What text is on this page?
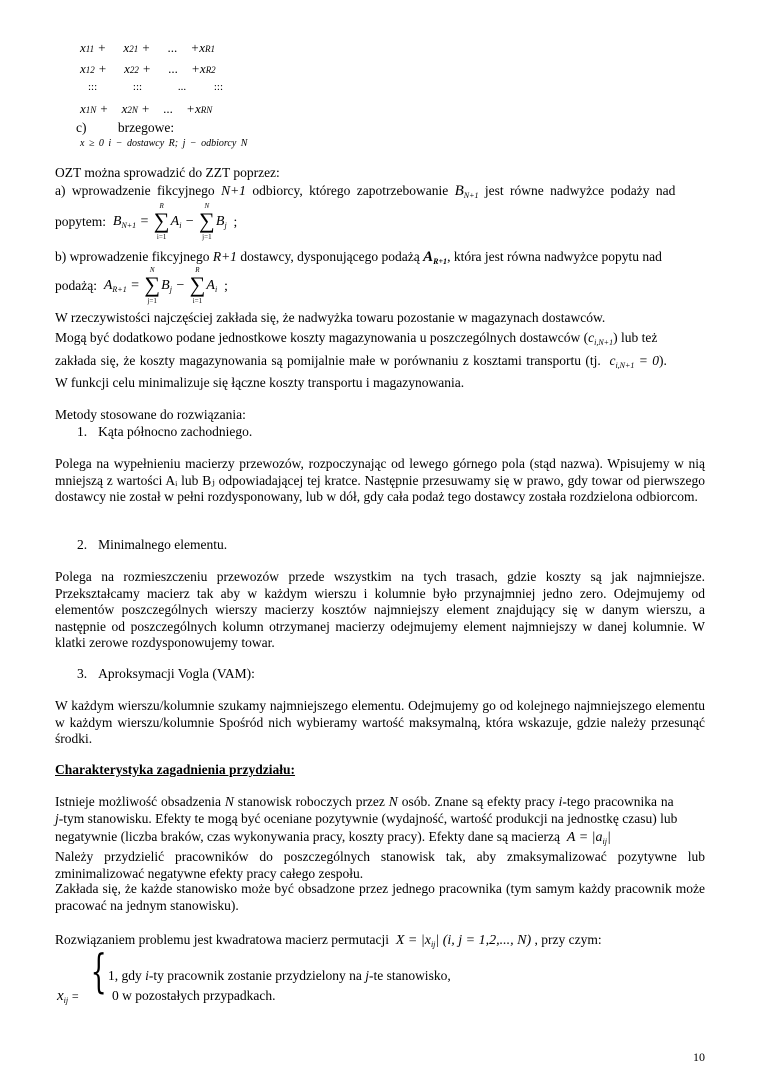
x11 + x21 + ... +xR1
x12 + x22 + ... +xR2
:::	:::	...	:::
x1N + x2N + ... +xRN
c) brzegowe:
x ≥ 0 i − dostawcy R; j − odbiorcy N
OZT można sprowadzić do ZZT poprzez:
a) wprowadzenie fikcyjnego N+1 odbiorcy, którego zapotrzebowanie $B_{N+1}$ jest równe nadwyżce podaży nad
popytem:  $B_{N+1}$ =
R
∑
i=1
$A_i$ −
N
∑
j=1
$B_j$  ;
b) wprowadzenie fikcyjnego R+1 dostawcy, dysponującego podażą $A_{R+1}$, która jest równa nadwyżce popytu nad
podażą:  $A_{R+1}$ =
N
∑
j=1
$B_j$ −
R
∑
i=1
$A_i$  ;
W rzeczywistości najczęściej zakłada się, że nadwyżka towaru pozostanie w magazynach dostawców.
Mogą być dodatkowo podane jednostkowe koszty magazynowania u poszczególnych dostawców $(c_{i,N+1})$ lub też
zakłada się, że koszty magazynowania są pomijalnie małe w porównaniu z kosztami transportu (tj. $c_{i,N+1} = 0$).
W funkcji celu minimalizuje się łączne koszty transportu i magazynowania.
Metody stosowane do rozwiązania:
1. Kąta północno zachodniego.
Polega na wypełnieniu macierzy przewozów, rozpoczynając od lewego górnego pola (stąd nazwa). Wpisujemy w nią mniejszą z wartości Aᵢ lub Bⱼ odpowiadającej tej kratce. Następnie przesuwamy się w prawo, gdy towar od pierwszego dostawcy nie został w pełni rozdysponowany, lub w dół, gdy cała podaż tego dostawcy została rozdzielona odbiorcom.
2. Minimalnego elementu.
Polega na rozmieszczeniu przewozów przede wszystkim na tych trasach, gdzie koszty są jak najmniejsze. Przekształcamy macierz tak aby w każdym wierszu i kolumnie było przynajmniej jedno zero. Odejmujemy od elementów poszczególnych wierszy macierzy kosztów najmniejszy element znajdujący się w danym wierszu, a następnie od poszczególnych kolumn otrzymanej macierzy odejmujemy element najmniejszy w danej kolumnie. W klatki zerowe rozdysponowujemy towar.
3. Aproksymacji Vogla (VAM):
W każdym wierszu/kolumnie szukamy najmniejszego elementu. Odejmujemy go od kolejnego najmniejszego elementu w każdym wierszu/kolumnie Spośród nich wybieramy wartość maksymalną, która wskazuje, gdzie należy przesunąć środki.
Charakterystyka zagadnienia przydziału:
Istnieje możliwość obsadzenia N stanowisk roboczych przez N osób. Znane są efekty pracy i-tego pracownika na
j-tym stanowisku. Efekty te mogą być oceniane pozytywnie (wydajność, wartość produkcji na jednostkę czasu) lub
negatywnie (liczba braków, czas wykonywania pracy, koszty pracy). Efekty dane są macierzą  $A = |a_{ij}|$
Należy przydzielić pracowników do poszczególnych stanowisk tak, aby zmaksymalizować pozytywne lub zminimalizować negatywne efekty pracy całego zespołu.
Zakłada się, że każde stanowisko może być obsadzone przez jednego pracownika (tym samym każdy pracownik może pracować na jednym stanowisku).
Rozwiązaniem problemu jest kwadratowa macierz permutacji  $X = |x_{ij}|$ (i, j = 1,2,..., N) , przy czym:
$x_{ij}$ = { 1, gdy i-ty pracownik zostanie przydzielony na j-te stanowisko,
0 w pozostałych przypadkach.
10
